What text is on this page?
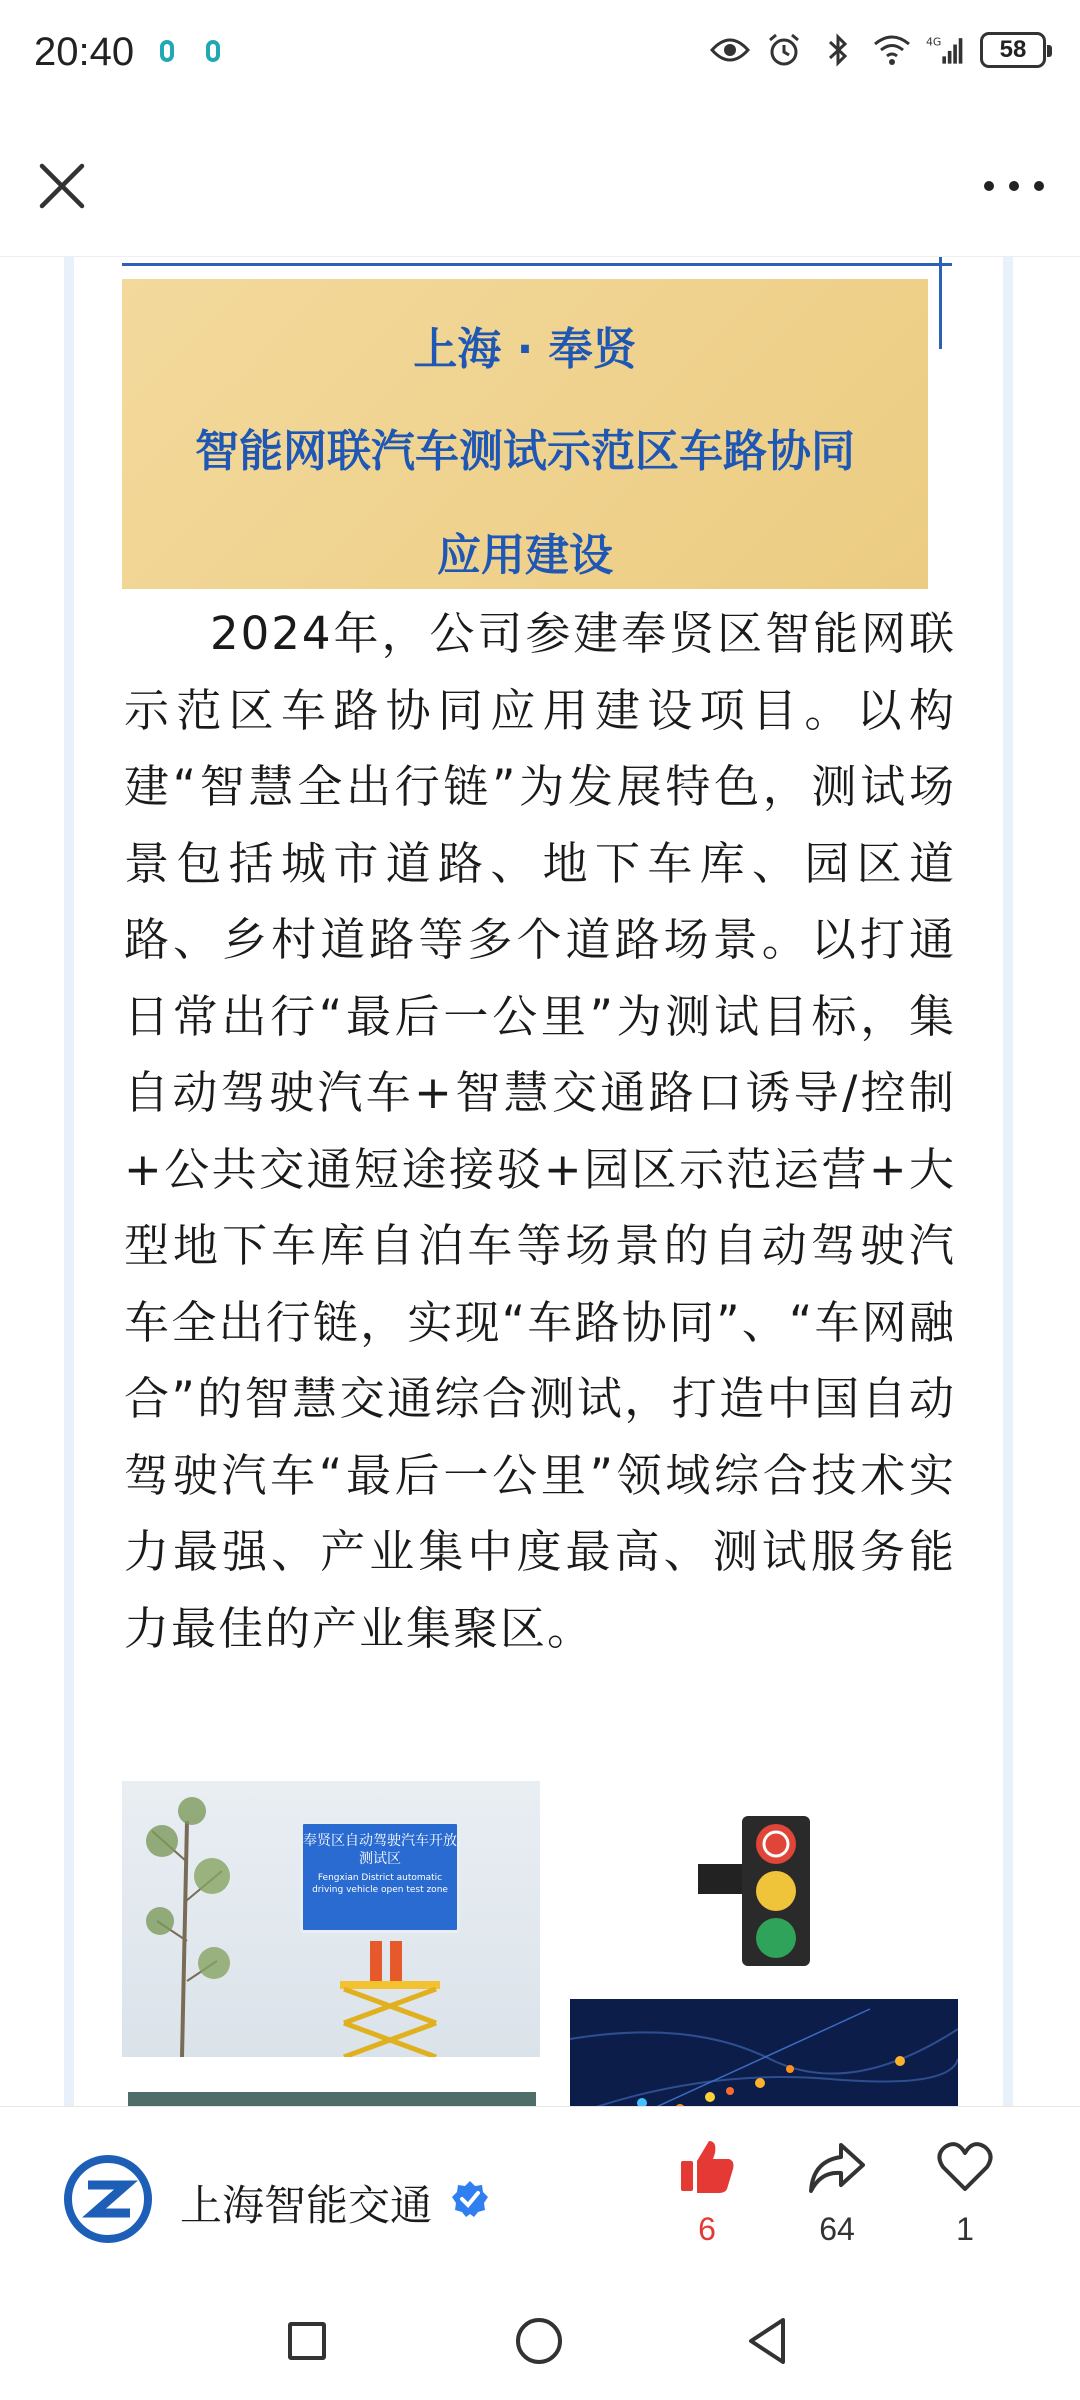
20:40	4G	58
上海 · 奉贤
智能网联汽车测试示范区车路协同
应用建设
2024年，公司参建奉贤区智能网联示范区车路协同应用建设项目。以构建“智慧全出行链”为发展特色，测试场景包括城市道路、地下车库、园区道路、乡村道路等多个道路场景。以打通日常出行“最后一公里”为测试目标，集自动驾驶汽车+智慧交通路口诱导/控制+公共交通短途接驳+园区示范运营+大型地下车库自泊车等场景的自动驾驶汽车全出行链，实现“车路协同”、“车网融合”的智慧交通综合测试，打造中国自动驾驶汽车“最后一公里”领域综合技术实力最强、产业集中度最高、测试服务能力最佳的产业集聚区。
奉贤区自动驾驶汽车开放测试区
Fengxian District automatic driving vehicle open test zone
上海智能交通	6	64	1
